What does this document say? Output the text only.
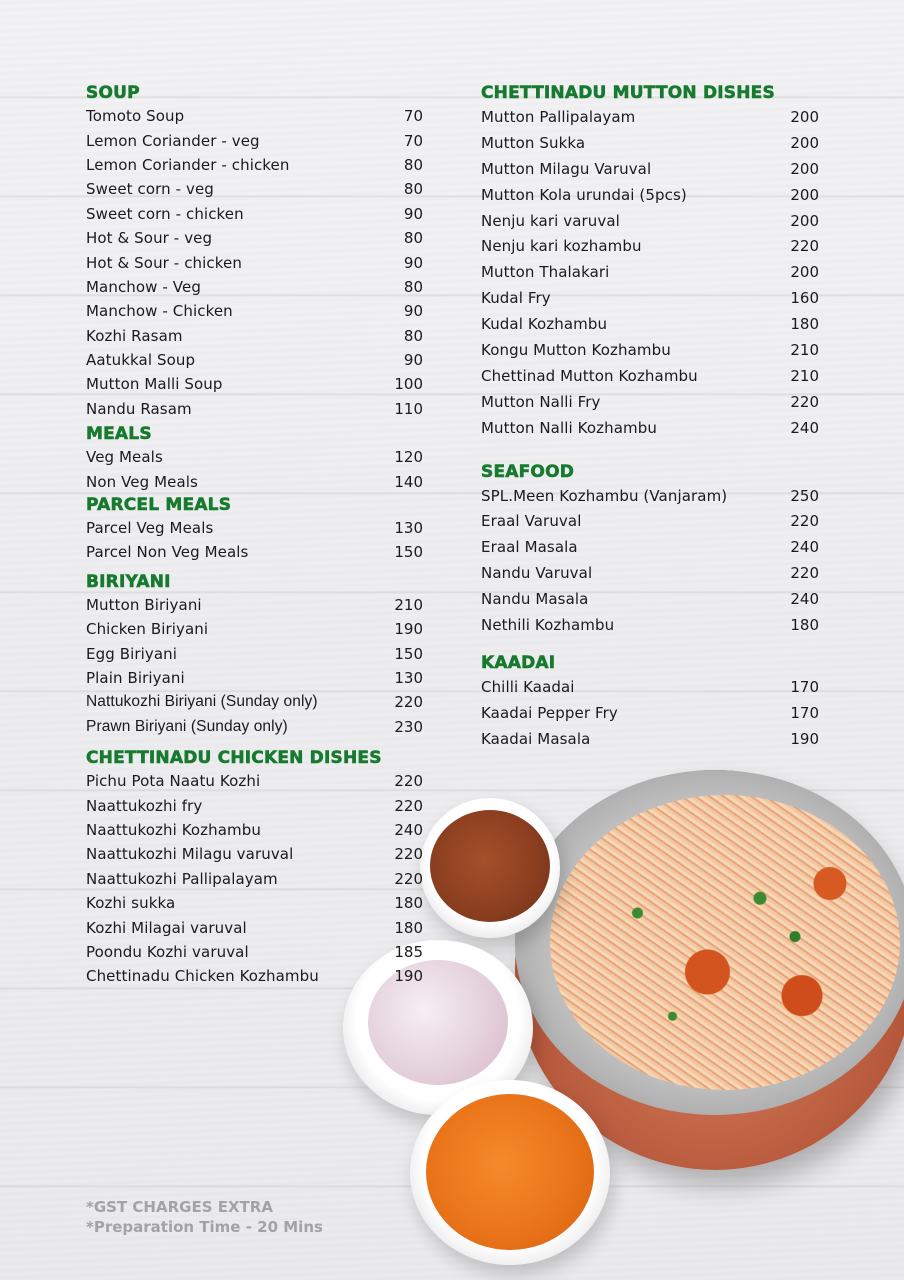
SOUP
Tomoto Soup	70
Lemon Coriander - veg	70
Lemon Coriander - chicken	80
Sweet corn - veg	80
Sweet corn - chicken	90
Hot & Sour - veg	80
Hot & Sour - chicken	90
Manchow - Veg	80
Manchow - Chicken	90
Kozhi Rasam	80
Aatukkal Soup	90
Mutton Malli Soup	100
Nandu Rasam	110
MEALS
Veg Meals	120
Non Veg Meals	140
PARCEL MEALS
Parcel Veg Meals	130
Parcel Non Veg Meals	150
BIRIYANI
Mutton Biriyani	210
Chicken Biriyani	190
Egg Biriyani	150
Plain Biriyani	130
Nattukozhi Biriyani (Sunday only)	220
Prawn Biriyani (Sunday only)	230
CHETTINADU CHICKEN DISHES
Pichu Pota Naatu Kozhi	220
Naattukozhi fry	220
Naattukozhi Kozhambu	240
Naattukozhi Milagu varuval	220
Naattukozhi Pallipalayam	220
Kozhi sukka	180
Kozhi Milagai varuval	180
Poondu Kozhi varuval	185
Chettinadu Chicken Kozhambu	190
CHETTINADU MUTTON DISHES
Mutton Pallipalayam	200
Mutton Sukka	200
Mutton Milagu Varuval	200
Mutton Kola urundai (5pcs)	200
Nenju kari varuval	200
Nenju kari kozhambu	220
Mutton Thalakari	200
Kudal Fry	160
Kudal Kozhambu	180
Kongu Mutton Kozhambu	210
Chettinad Mutton Kozhambu	210
Mutton Nalli Fry	220
Mutton Nalli Kozhambu	240
SEAFOOD
SPL.Meen Kozhambu (Vanjaram)	250
Eraal Varuval	220
Eraal Masala	240
Nandu Varuval	220
Nandu Masala	240
Nethili Kozhambu	180
KAADAI
Chilli Kaadai	170
Kaadai Pepper Fry	170
Kaadai Masala	190
*GST CHARGES EXTRA
*Preparation Time - 20 Mins
